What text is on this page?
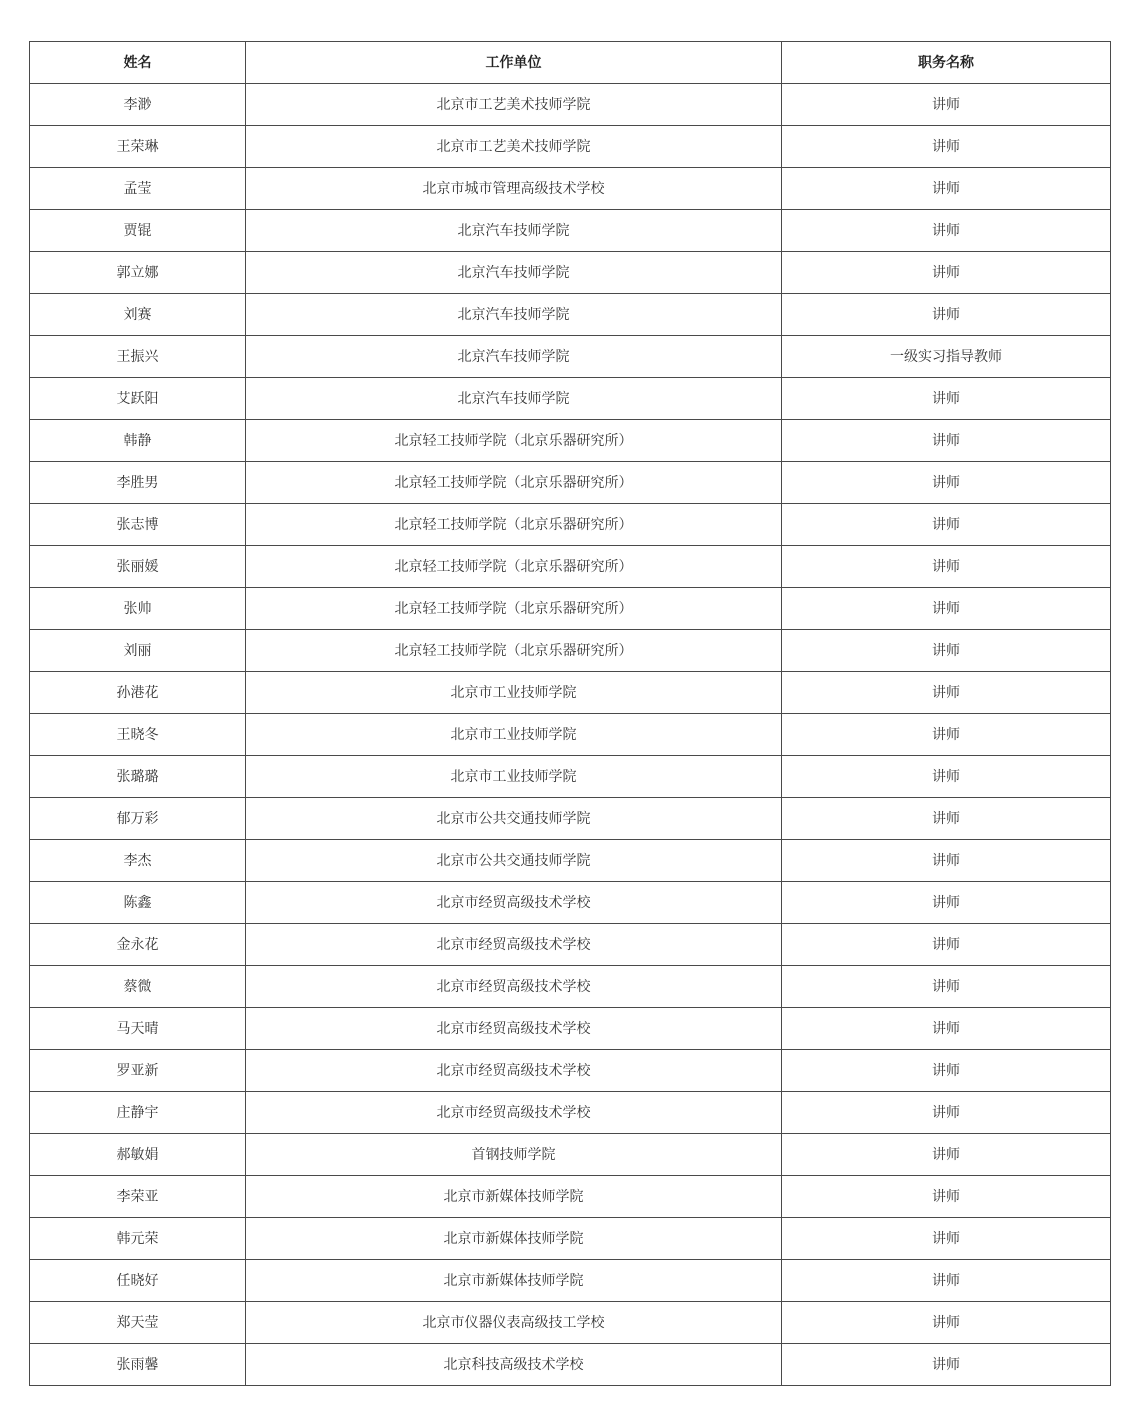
姓名	工作单位	职务名称
李渺	北京市工艺美术技师学院	讲师
王荣琳	北京市工艺美术技师学院	讲师
孟莹	北京市城市管理高级技术学校	讲师
贾锟	北京汽车技师学院	讲师
郭立娜	北京汽车技师学院	讲师
刘赛	北京汽车技师学院	讲师
王振兴	北京汽车技师学院	一级实习指导教师
艾跃阳	北京汽车技师学院	讲师
韩静	北京轻工技师学院（北京乐器研究所）	讲师
李胜男	北京轻工技师学院（北京乐器研究所）	讲师
张志博	北京轻工技师学院（北京乐器研究所）	讲师
张丽媛	北京轻工技师学院（北京乐器研究所）	讲师
张帅	北京轻工技师学院（北京乐器研究所）	讲师
刘丽	北京轻工技师学院（北京乐器研究所）	讲师
孙港花	北京市工业技师学院	讲师
王晓冬	北京市工业技师学院	讲师
张璐璐	北京市工业技师学院	讲师
郁万彩	北京市公共交通技师学院	讲师
李杰	北京市公共交通技师学院	讲师
陈鑫	北京市经贸高级技术学校	讲师
金永花	北京市经贸高级技术学校	讲师
蔡微	北京市经贸高级技术学校	讲师
马天晴	北京市经贸高级技术学校	讲师
罗亚新	北京市经贸高级技术学校	讲师
庄静宇	北京市经贸高级技术学校	讲师
郝敏娟	首钢技师学院	讲师
李荣亚	北京市新媒体技师学院	讲师
韩元荣	北京市新媒体技师学院	讲师
任晓好	北京市新媒体技师学院	讲师
郑天莹	北京市仪器仪表高级技工学校	讲师
张雨馨	北京科技高级技术学校	讲师
